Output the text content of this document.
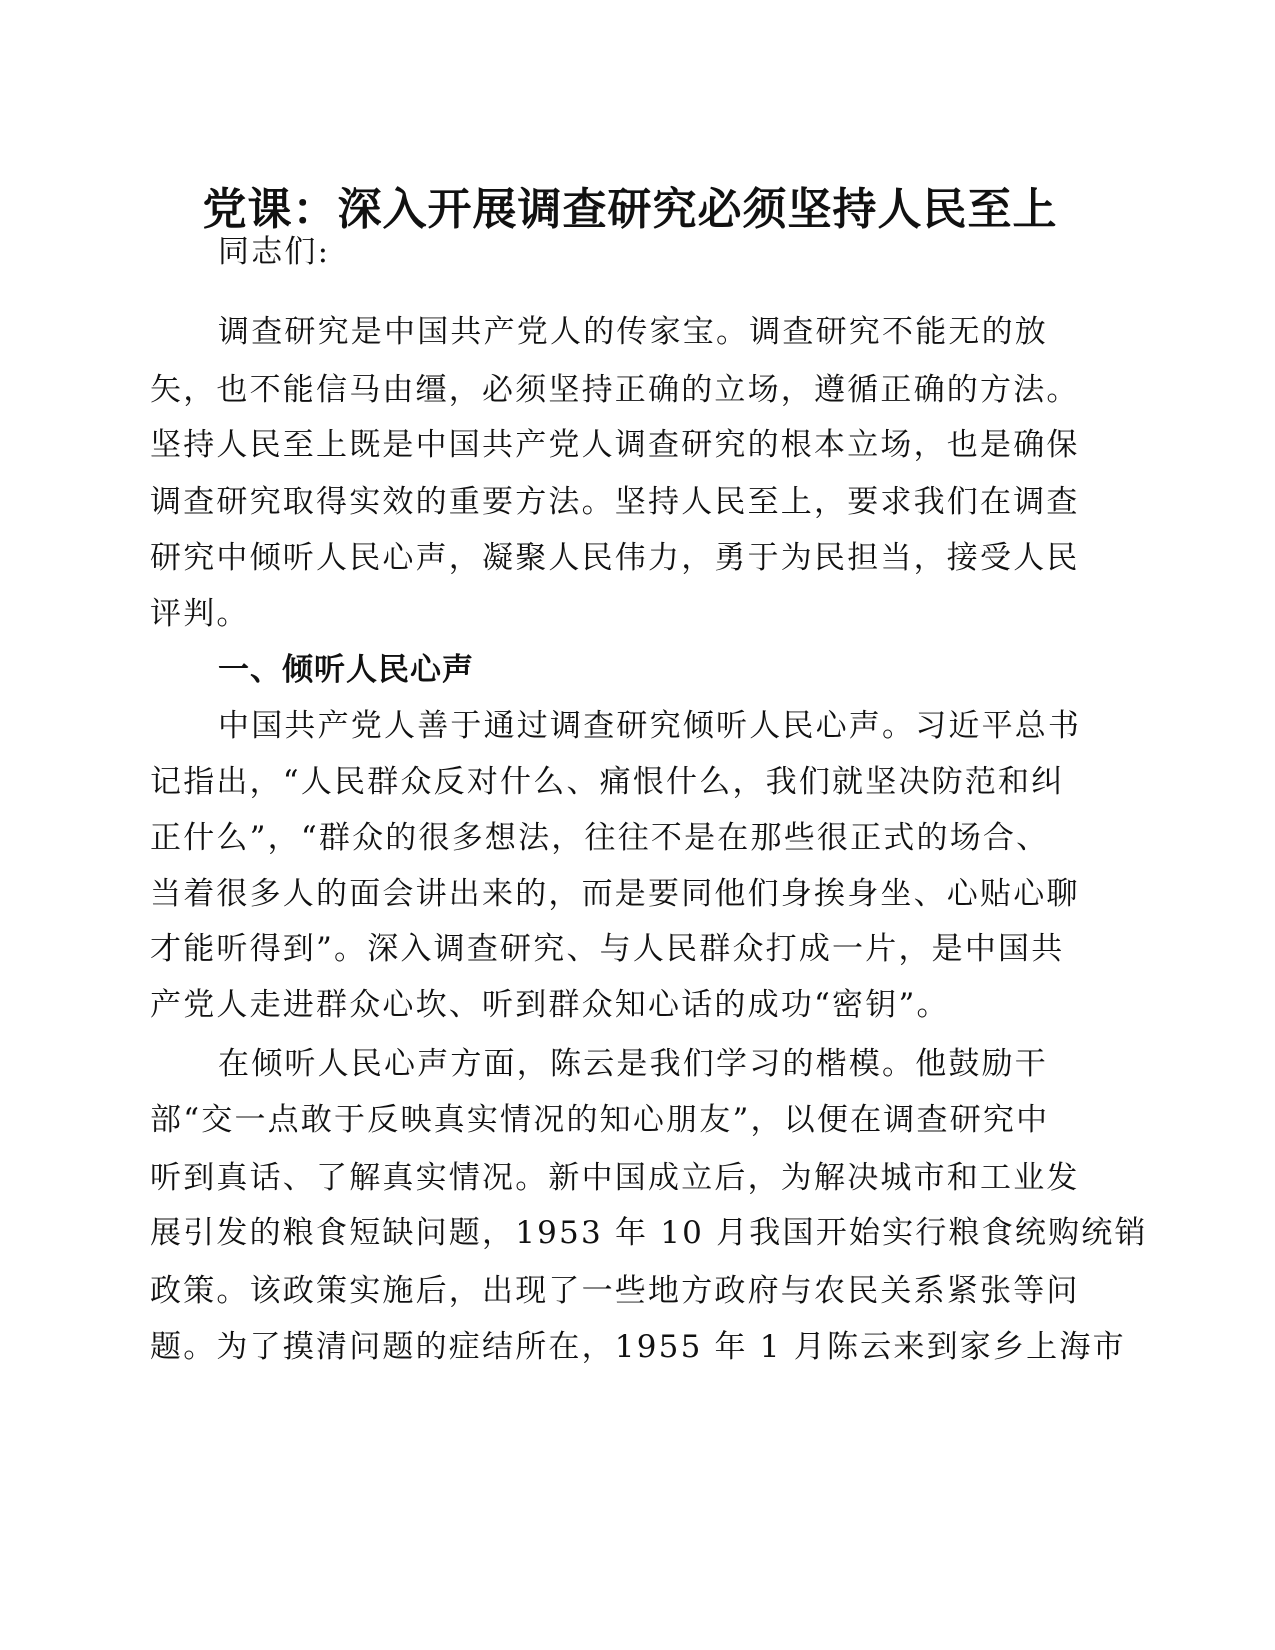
党课：深入开展调查研究必须坚持人民至上

同志们:

调查研究是中国共产党人的传家宝。调查研究不能无的放

矢，也不能信马由缰，必须坚持正确的立场，遵循正确的方法。

坚持人民至上既是中国共产党人调查研究的根本立场，也是确保

调查研究取得实效的重要方法。坚持人民至上，要求我们在调查

研究中倾听人民心声，凝聚人民伟力，勇于为民担当，接受人民

评判。

一、倾听人民心声

中国共产党人善于通过调查研究倾听人民心声。习近平总书

记指出，“人民群众反对什么、痛恨什么，我们就坚决防范和纠

正什么”，“群众的很多想法，往往不是在那些很正式的场合、

当着很多人的面会讲出来的，而是要同他们身挨身坐、心贴心聊

才能听得到”。深入调查研究、与人民群众打成一片，是中国共

产党人走进群众心坎、听到群众知心话的成功“密钥”。

在倾听人民心声方面，陈云是我们学习的楷模。他鼓励干

部“交一点敢于反映真实情况的知心朋友”，以便在调查研究中

听到真话、了解真实情况。新中国成立后，为解决城市和工业发

展引发的粮食短缺问题，1953 年 10 月我国开始实行粮食统购统销

政策。该政策实施后，出现了一些地方政府与农民关系紧张等问

题。为了摸清问题的症结所在，1955 年 1 月陈云来到家乡上海市
